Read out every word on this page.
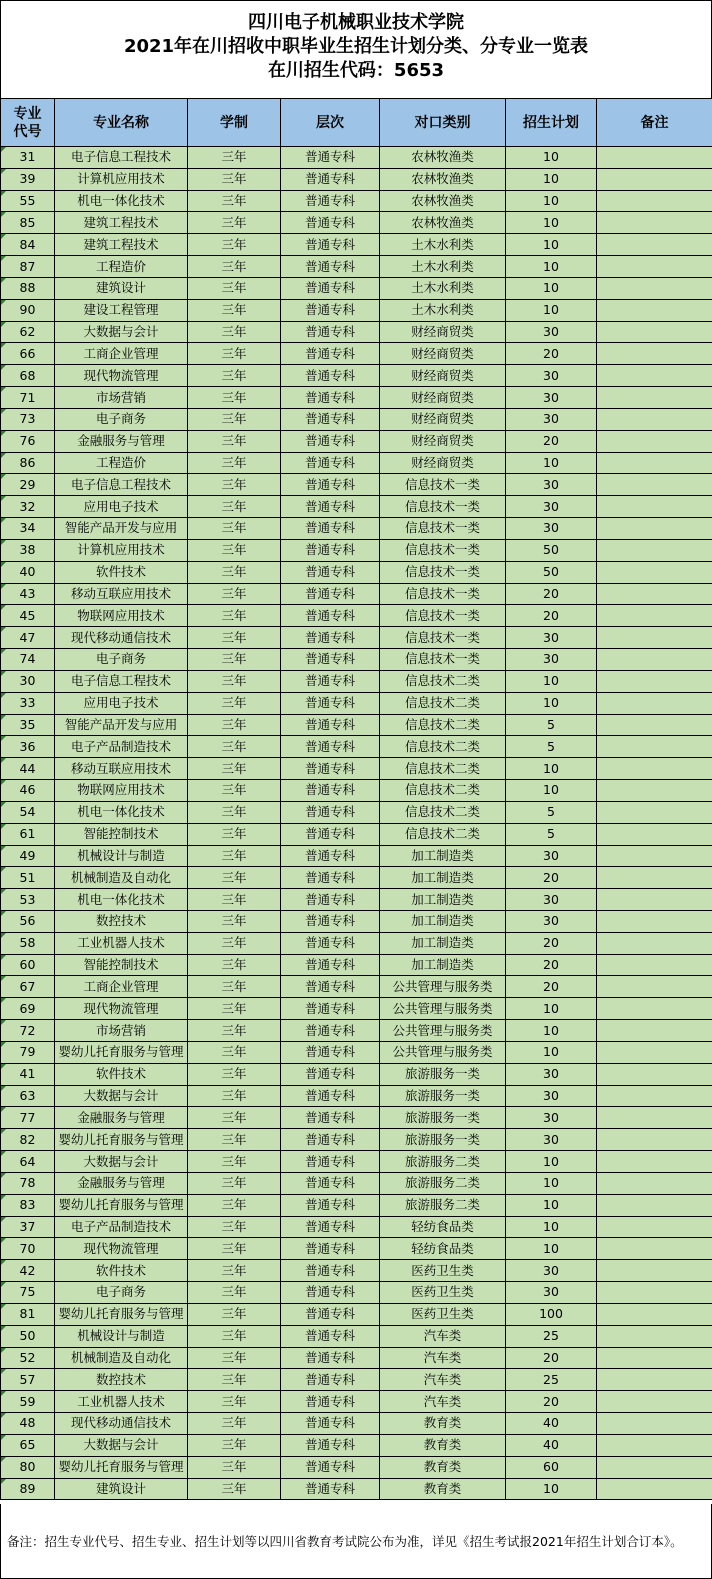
四川电子机械职业技术学院
2021年在川招收中职毕业生招生计划分类、分专业一览表
在川招生代码：5653
专业代号	专业名称	学制	层次	对口类别	招生计划	备注
31	电子信息工程技术	三年	普通专科	农林牧渔类	10	
39	计算机应用技术	三年	普通专科	农林牧渔类	10	
55	机电一体化技术	三年	普通专科	农林牧渔类	10	
85	建筑工程技术	三年	普通专科	农林牧渔类	10	
84	建筑工程技术	三年	普通专科	土木水利类	10	
87	工程造价	三年	普通专科	土木水利类	10	
88	建筑设计	三年	普通专科	土木水利类	10	
90	建设工程管理	三年	普通专科	土木水利类	10	
62	大数据与会计	三年	普通专科	财经商贸类	30	
66	工商企业管理	三年	普通专科	财经商贸类	20	
68	现代物流管理	三年	普通专科	财经商贸类	30	
71	市场营销	三年	普通专科	财经商贸类	30	
73	电子商务	三年	普通专科	财经商贸类	30	
76	金融服务与管理	三年	普通专科	财经商贸类	20	
86	工程造价	三年	普通专科	财经商贸类	10	
29	电子信息工程技术	三年	普通专科	信息技术一类	30	
32	应用电子技术	三年	普通专科	信息技术一类	30	
34	智能产品开发与应用	三年	普通专科	信息技术一类	30	
38	计算机应用技术	三年	普通专科	信息技术一类	50	
40	软件技术	三年	普通专科	信息技术一类	50	
43	移动互联应用技术	三年	普通专科	信息技术一类	20	
45	物联网应用技术	三年	普通专科	信息技术一类	20	
47	现代移动通信技术	三年	普通专科	信息技术一类	30	
74	电子商务	三年	普通专科	信息技术一类	30	
30	电子信息工程技术	三年	普通专科	信息技术二类	10	
33	应用电子技术	三年	普通专科	信息技术二类	10	
35	智能产品开发与应用	三年	普通专科	信息技术二类	5	
36	电子产品制造技术	三年	普通专科	信息技术二类	5	
44	移动互联应用技术	三年	普通专科	信息技术二类	10	
46	物联网应用技术	三年	普通专科	信息技术二类	10	
54	机电一体化技术	三年	普通专科	信息技术二类	5	
61	智能控制技术	三年	普通专科	信息技术二类	5	
49	机械设计与制造	三年	普通专科	加工制造类	30	
51	机械制造及自动化	三年	普通专科	加工制造类	20	
53	机电一体化技术	三年	普通专科	加工制造类	30	
56	数控技术	三年	普通专科	加工制造类	30	
58	工业机器人技术	三年	普通专科	加工制造类	20	
60	智能控制技术	三年	普通专科	加工制造类	20	
67	工商企业管理	三年	普通专科	公共管理与服务类	20	
69	现代物流管理	三年	普通专科	公共管理与服务类	10	
72	市场营销	三年	普通专科	公共管理与服务类	10	
79	婴幼儿托育服务与管理	三年	普通专科	公共管理与服务类	10	
41	软件技术	三年	普通专科	旅游服务一类	30	
63	大数据与会计	三年	普通专科	旅游服务一类	30	
77	金融服务与管理	三年	普通专科	旅游服务一类	30	
82	婴幼儿托育服务与管理	三年	普通专科	旅游服务一类	30	
64	大数据与会计	三年	普通专科	旅游服务二类	10	
78	金融服务与管理	三年	普通专科	旅游服务二类	10	
83	婴幼儿托育服务与管理	三年	普通专科	旅游服务二类	10	
37	电子产品制造技术	三年	普通专科	轻纺食品类	10	
70	现代物流管理	三年	普通专科	轻纺食品类	10	
42	软件技术	三年	普通专科	医药卫生类	30	
75	电子商务	三年	普通专科	医药卫生类	30	
81	婴幼儿托育服务与管理	三年	普通专科	医药卫生类	100	
50	机械设计与制造	三年	普通专科	汽车类	25	
52	机械制造及自动化	三年	普通专科	汽车类	20	
57	数控技术	三年	普通专科	汽车类	25	
59	工业机器人技术	三年	普通专科	汽车类	20	
48	现代移动通信技术	三年	普通专科	教育类	40	
65	大数据与会计	三年	普通专科	教育类	40	
80	婴幼儿托育服务与管理	三年	普通专科	教育类	60	
89	建筑设计	三年	普通专科	教育类	10	
备注：招生专业代号、招生专业、招生计划等以四川省教育考试院公布为准，详见《招生考试报2021年招生计划合订本》。
